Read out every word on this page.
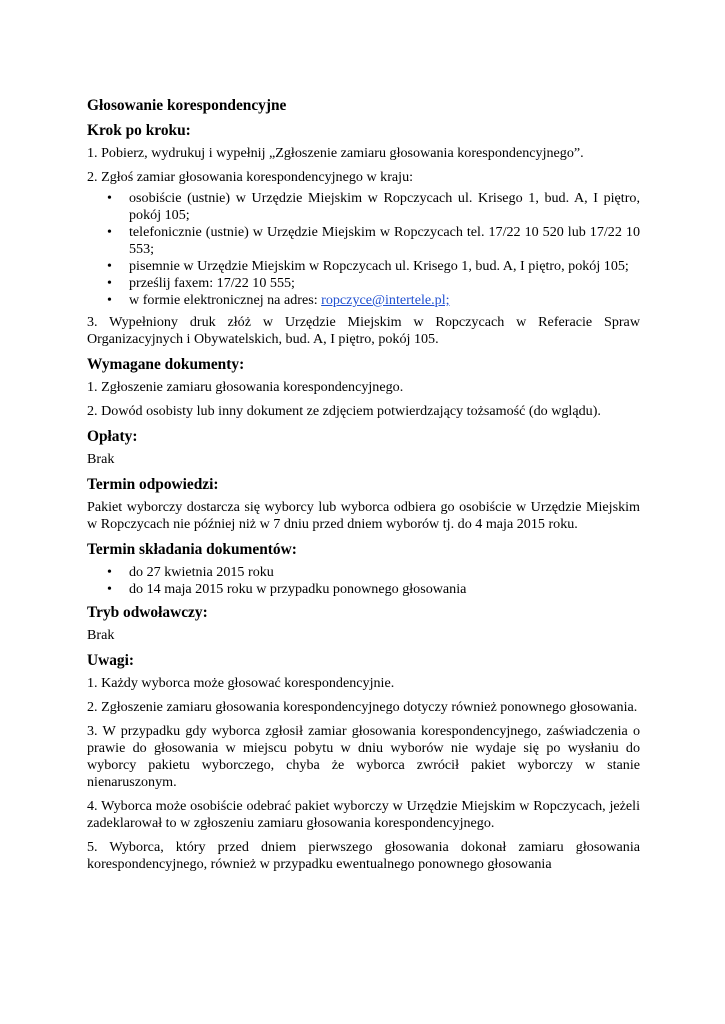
Głosowanie korespondencyjne
Krok po kroku:

1. Pobierz, wydrukuj i wypełnij „Zgłoszenie zamiaru głosowania korespondencyjnego”.

2. Zgłoś zamiar głosowania korespondencyjnego w kraju:

• osobiście (ustnie) w Urzędzie Miejskim w Ropczycach ul. Krisego 1, bud. A, I piętro, pokój 105;
• telefonicznie (ustnie) w Urzędzie Miejskim w Ropczycach tel. 17/22 10 520 lub 17/22 10 553;
• pisemnie w Urzędzie Miejskim w Ropczycach ul. Krisego 1, bud. A, I piętro, pokój 105;
• prześlij faxem: 17/22 10 555;
• w formie elektronicznej na adres: ropczyce@intertele.pl;

3. Wypełniony druk złóż w Urzędzie Miejskim w Ropczycach w Referacie Spraw Organizacyjnych i Obywatelskich, bud. A, I piętro, pokój 105.

Wymagane dokumenty:

1. Zgłoszenie zamiaru głosowania korespondencyjnego.

2. Dowód osobisty lub inny dokument ze zdjęciem potwierdzający tożsamość (do wglądu).

Opłaty:

Brak

Termin odpowiedzi:

Pakiet wyborczy dostarcza się wyborcy lub wyborca odbiera go osobiście w Urzędzie Miejskim w Ropczycach nie później niż w 7 dniu przed dniem wyborów tj. do 4 maja 2015 roku.

Termin składania dokumentów:
• do 27 kwietnia 2015 roku
• do 14 maja 2015 roku w przypadku ponownego głosowania
Tryb odwoławczy:

Brak

Uwagi:

1. Każdy wyborca może głosować korespondencyjnie.

2. Zgłoszenie zamiaru głosowania korespondencyjnego dotyczy również ponownego głosowania.

3. W przypadku gdy wyborca zgłosił zamiar głosowania korespondencyjnego, zaświadczenia o prawie do głosowania w miejscu pobytu w dniu wyborów nie wydaje się po wysłaniu do wyborcy pakietu wyborczego, chyba że wyborca zwrócił pakiet wyborczy w stanie nienaruszonym.

4. Wyborca może osobiście odebrać pakiet wyborczy w Urzędzie Miejskim w Ropczycach, jeżeli zadeklarował to w zgłoszeniu zamiaru głosowania korespondencyjnego.

5. Wyborca, który przed dniem pierwszego głosowania dokonał zamiaru głosowania korespondencyjnego, również w przypadku ewentualnego ponownego głosowania
